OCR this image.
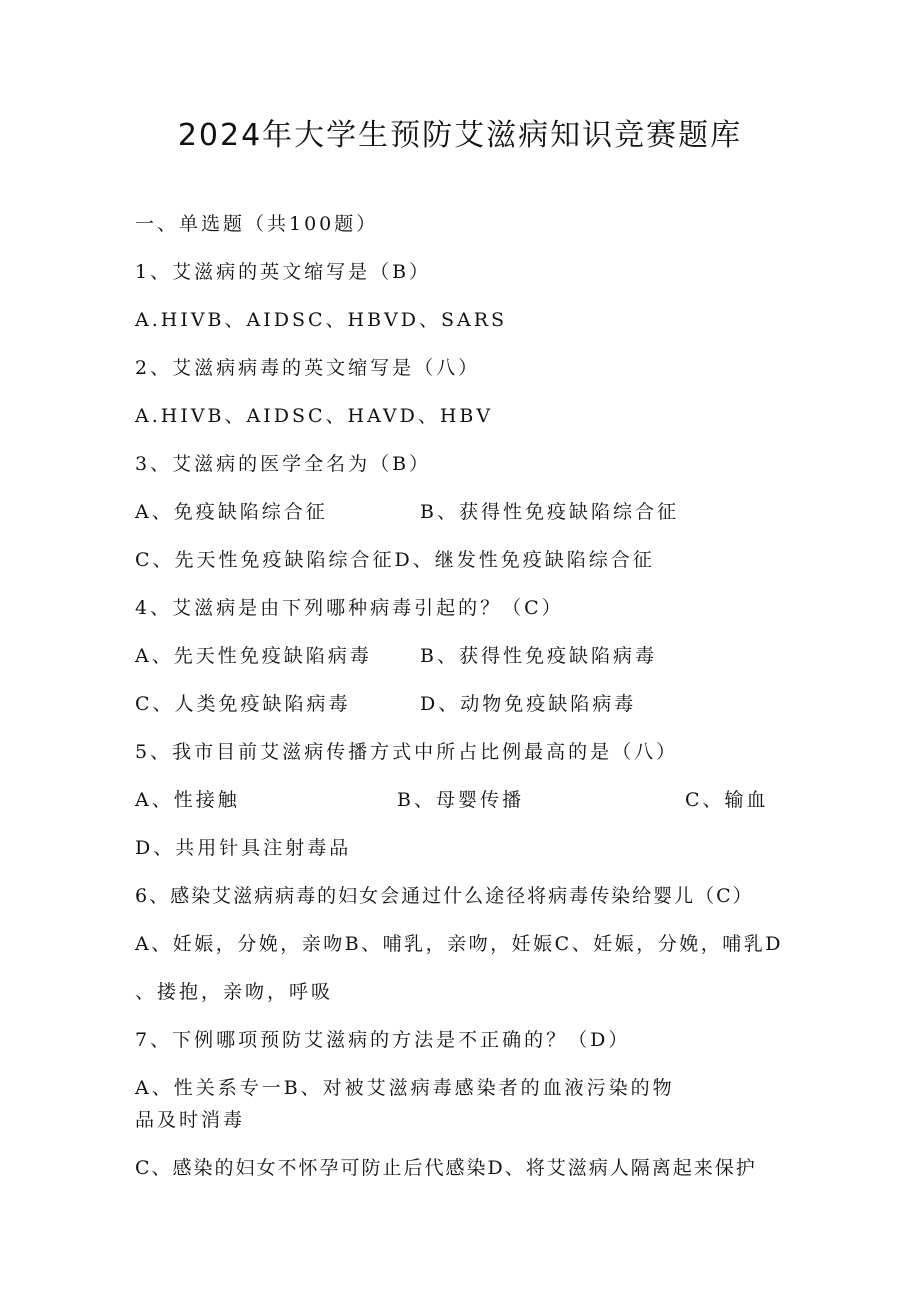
2024年大学生预防艾滋病知识竞赛题库
一、单选题（共100题）
1、艾滋病的英文缩写是（B）
A.HIVB、AIDSC、HBVD、SARS
2、艾滋病病毒的英文缩写是（八）
A.HIVB、AIDSC、HAVD、HBV
3、艾滋病的医学全名为（B）
A、免疫缺陷综合征	B、获得性免疫缺陷综合征
C、先天性免疫缺陷综合征D、继发性免疫缺陷综合征
4、艾滋病是由下列哪种病毒引起的？（C）
A、先天性免疫缺陷病毒	B、获得性免疫缺陷病毒
C、人类免疫缺陷病毒	D、动物免疫缺陷病毒
5、我市目前艾滋病传播方式中所占比例最高的是（八）
A、性接触	B、母婴传播	C、输血
D、共用针具注射毒品
6、感染艾滋病病毒的妇女会通过什么途径将病毒传染给婴儿（C）
A、妊娠，分娩，亲吻B、哺乳，亲吻，妊娠C、妊娠，分娩，哺乳D
、搂抱，亲吻，呼吸
7、下例哪项预防艾滋病的方法是不正确的？（D）
A、性关系专一B、对被艾滋病毒感染者的血液污染的物
品及时消毒
C、感染的妇女不怀孕可防止后代感染D、将艾滋病人隔离起来保护
